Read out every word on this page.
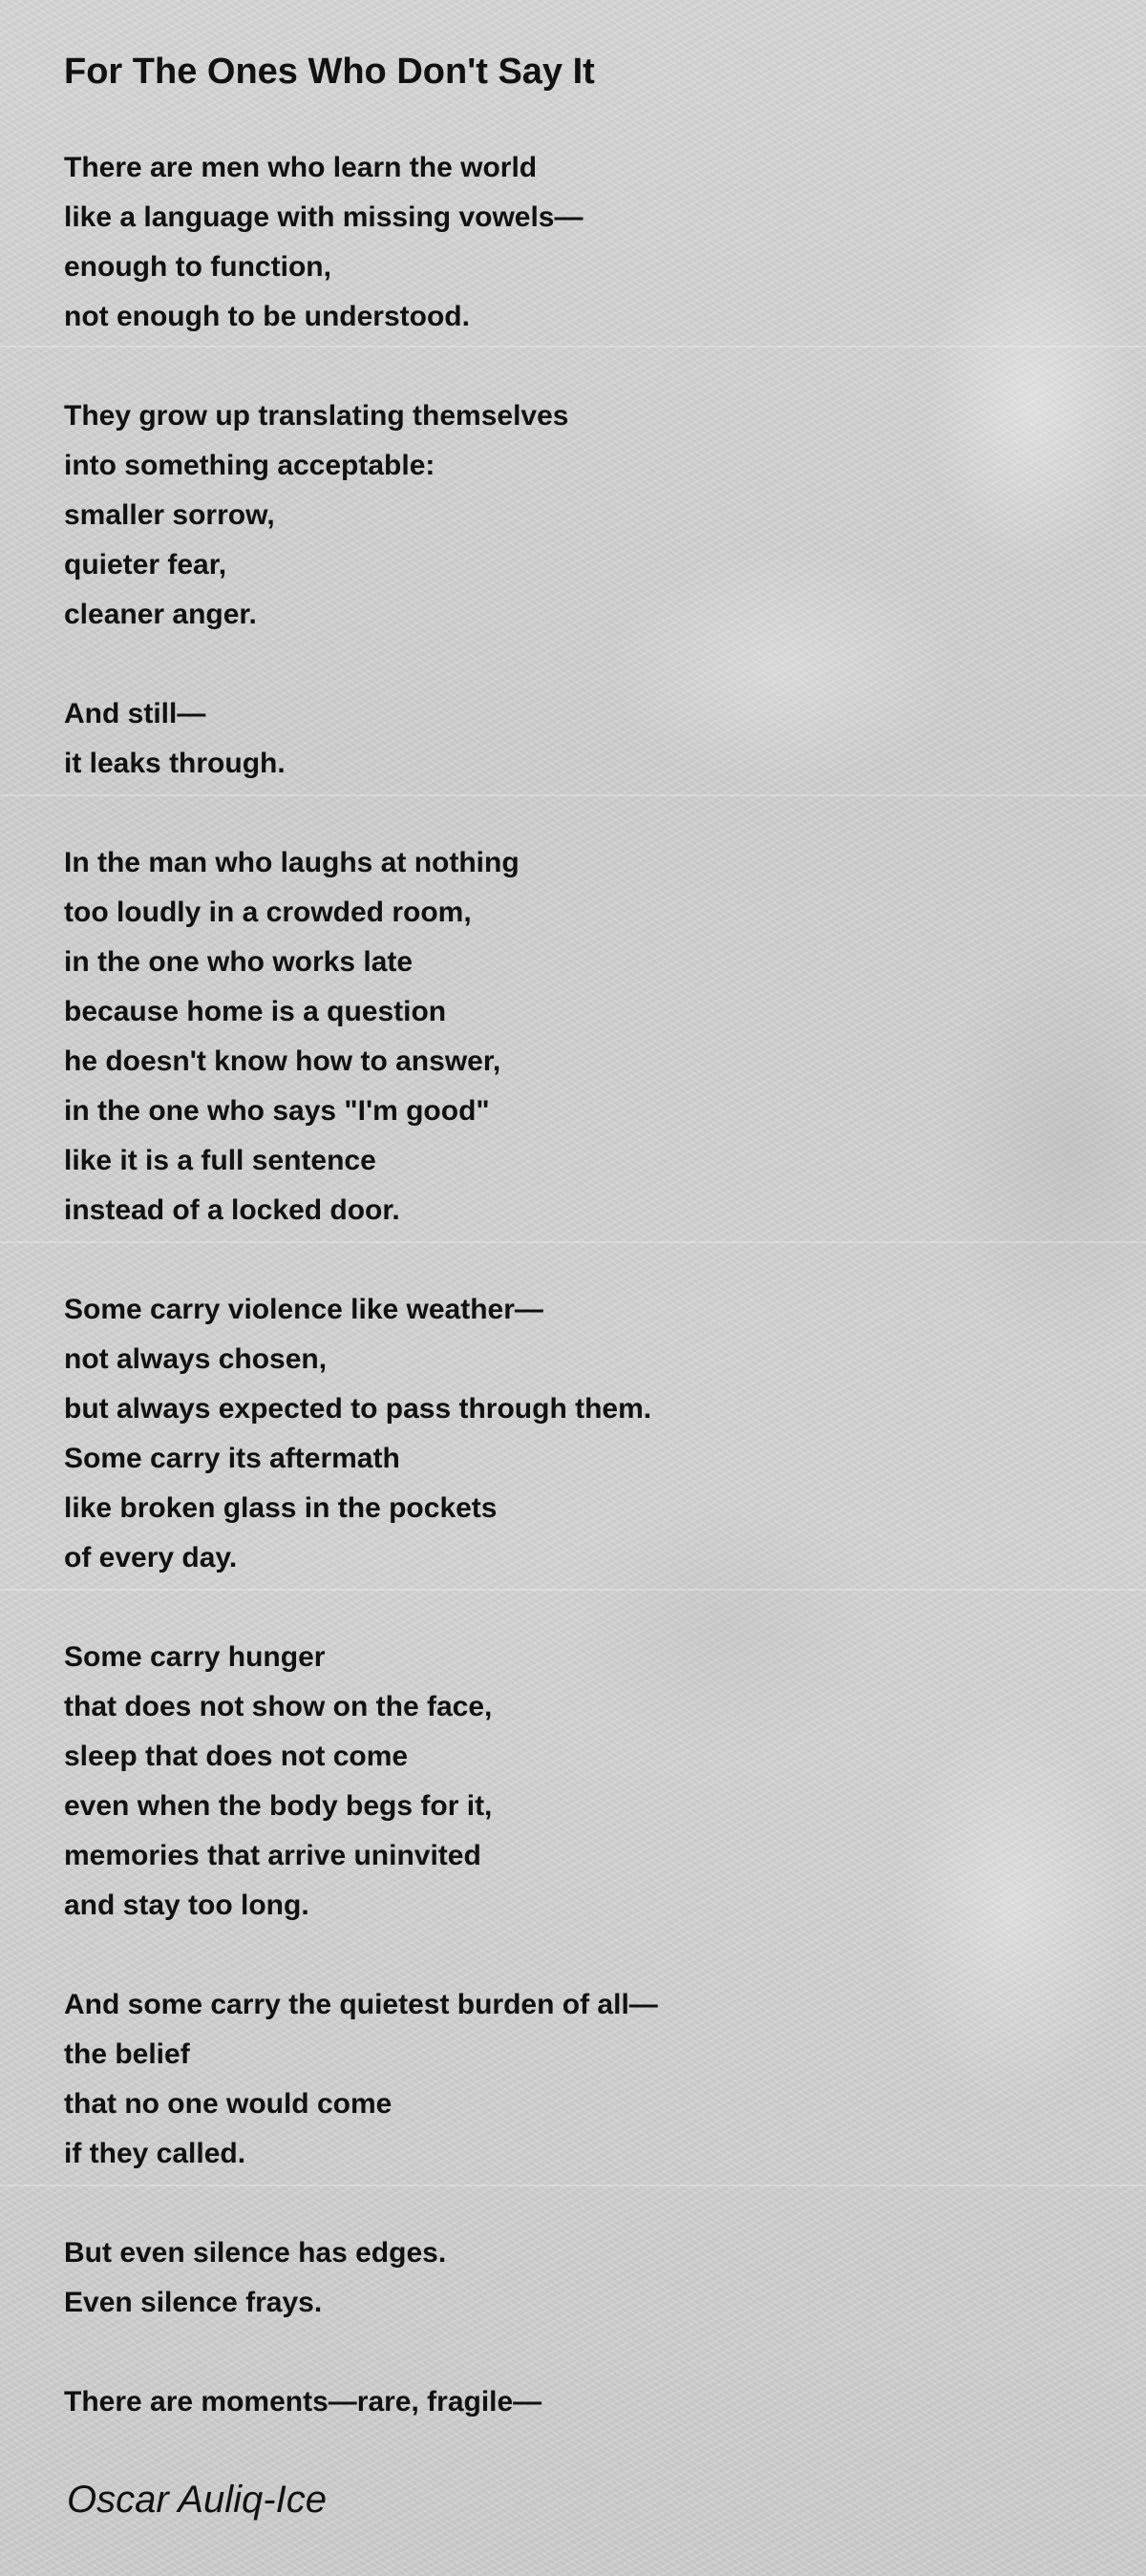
For The Ones Who Don't Say It
There are men who learn the world
like a language with missing vowels—
enough to function,
not enough to be understood.
They grow up translating themselves
into something acceptable:
smaller sorrow,
quieter fear,
cleaner anger.
And still—
it leaks through.
In the man who laughs at nothing
too loudly in a crowded room,
in the one who works late
because home is a question
he doesn't know how to answer,
in the one who says "I'm good"
like it is a full sentence
instead of a locked door.
Some carry violence like weather—
not always chosen,
but always expected to pass through them.
Some carry its aftermath
like broken glass in the pockets
of every day.
Some carry hunger
that does not show on the face,
sleep that does not come
even when the body begs for it,
memories that arrive uninvited
and stay too long.
And some carry the quietest burden of all—
the belief
that no one would come
if they called.
But even silence has edges.
Even silence frays.
There are moments—rare, fragile—
Oscar Auliq-Ice
